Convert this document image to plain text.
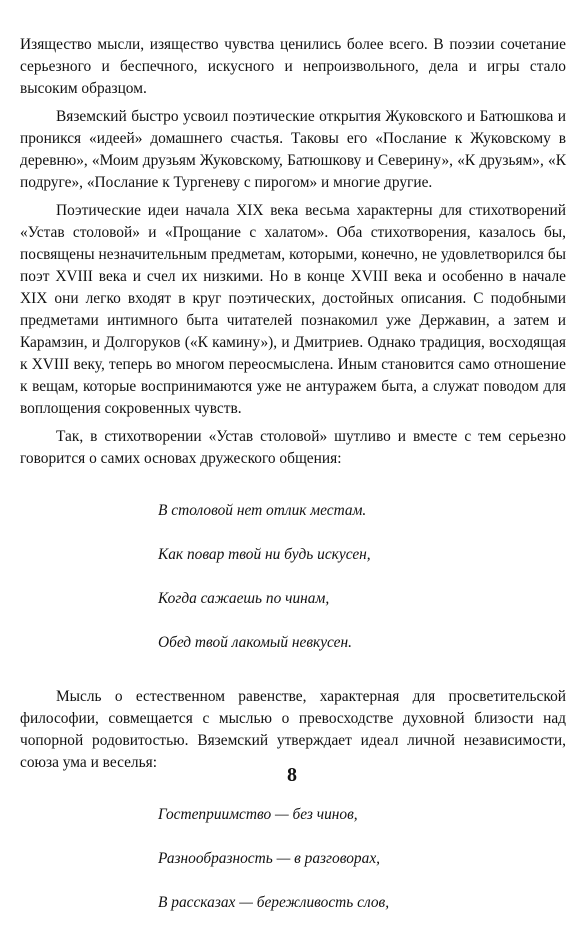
Изящество мысли, изящество чувства ценились более всего. В поэзии сочетание серьезного и беспечного, искусного и непроизвольного, дела и игры стало высоким образцом.

Вяземский быстро усвоил поэтические открытия Жуковского и Батюшкова и проникся «идеей» домашнего счастья. Таковы его «Послание к Жуковскому в деревню», «Моим друзьям Жуковскому, Батюшкову и Северину», «К друзьям», «К подруге», «Послание к Тургеневу с пирогом» и многие другие.

Поэтические идеи начала XIX века весьма характерны для стихотворений «Устав столовой» и «Прощание с халатом». Оба стихотворения, казалось бы, посвящены незначительным предметам, которыми, конечно, не удовлетворился бы поэт XVIII века и счел их низкими. Но в конце XVIII века и особенно в начале XIX они легко входят в круг поэтических, достойных описания. С подобными предметами интимного быта читателей познакомил уже Державин, а затем и Карамзин, и Долгоруков («К камину»), и Дмитриев. Однако традиция, восходящая к XVIII веку, теперь во многом переосмыслена. Иным становится само отношение к вещам, которые воспринимаются уже не антуражем быта, а служат поводом для воплощения сокровенных чувств.

Так, в стихотворении «Устав столовой» шутливо и вместе с тем серьезно говорится о самих основах дружеского общения:

В столовой нет отлик местам.

Как повар твой ни будь искусен,

Когда сажаешь по чинам,

Обед твой лакомый невкусен.

Мысль о естественном равенстве, характерная для просветительской философии, совмещается с мыслью о превосходстве духовной близости над чопорной родовитостью. Вяземский утверждает идеал личной независимости, союза ума и веселья:

Гостеприимство — без чинов,

Разнообразность — в разговорах,

В рассказах — бережливость слов,

8
